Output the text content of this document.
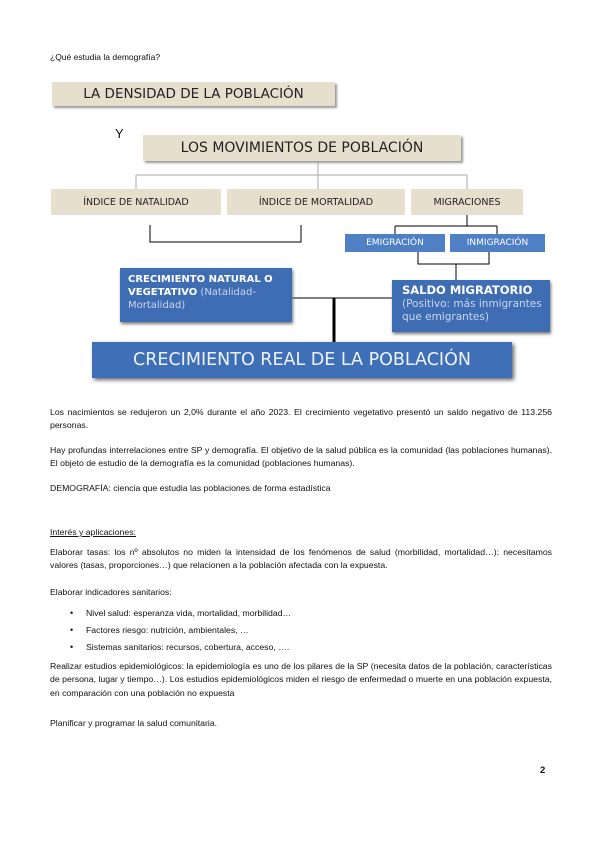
¿Qué estudia la demografía?
LA DENSIDAD DE LA POBLACIÓN
Y
LOS MOVIMIENTOS DE POBLACIÓN
ÍNDICE DE NATALIDAD	ÍNDICE DE MORTALIDAD	MIGRACIONES
EMIGRACIÓN	INMIGRACIÓN
CRECIMIENTO NATURAL O VEGETATIVO (Natalidad-Mortalidad)
SALDO MIGRATORIO
(Positivo: más inmigrantes que emigrantes)
CRECIMIENTO REAL DE LA POBLACIÓN
Los nacimientos se redujeron un 2,0% durante el año 2023. El crecimiento vegetativo presentó un saldo negativo de 113.256 personas.
Hay profundas interrelaciones entre SP y demografía. El objetivo de la salud pública es la comunidad (las poblaciones humanas). El objeto de estudio de la demografía es la comunidad (poblaciones humanas).
DEMOGRAFÍA: ciencia que estudia las poblaciones de forma estadística
Interés y aplicaciones:
Elaborar tasas: los nº absolutos no miden la intensidad de los fenómenos de salud (morbilidad, mortalidad…): necesitamos valores (tasas, proporciones…) que relacionen a la población afectada con la expuesta.
Elaborar indicadores sanitarios:
• Nivel salud: esperanza vida, mortalidad, morbilidad…
• Factores riesgo: nutrición, ambientales, …
• Sistemas sanitarios: recursos, cobertura, acceso, ….
Realizar estudios epidemiológicos: la epidemiología es uno de los pilares de la SP (necesita datos de la población, características de persona, lugar y tiempo…). Los estudios epidemiológicos miden el riesgo de enfermedad o muerte en una población expuesta, en comparación con una población no expuesta
Planificar y programar la salud comunitaria.
2
